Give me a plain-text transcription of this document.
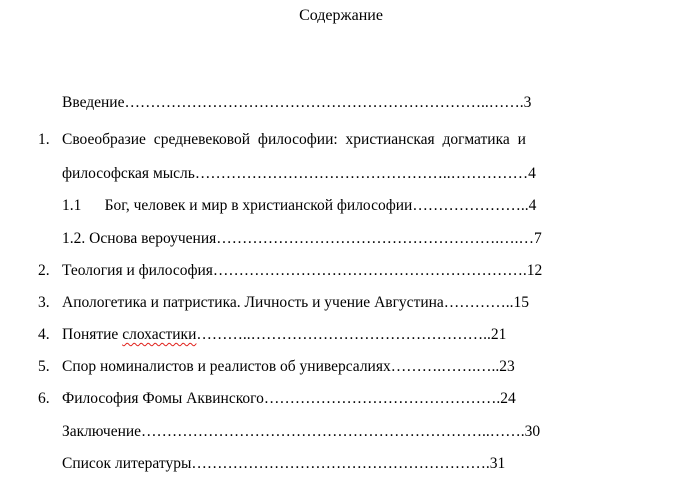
Содержание
Введение……………………………………………………………..…….3
1. Своеобразие средневековой философии: христианская догматика и
философская мысль…………………………………………..……………4
1.1      Бог, человек и мир в христианской философии…………………..4
1.2. Основа вероучения……………………………………………….….…7
2. Теология и философия…………………………………………………….12
3. Апологетика и патристика. Личность и учение Августина…………..15
4. Понятие слохастики………..………………………………………..21
5. Спор номиналистов и реалистов об универсалиях……….…….…..23
6. Философия Фомы Аквинского……………………………………….24
Заключение…………………………………………………………..…….30
Список литературы………………………………………………….31
